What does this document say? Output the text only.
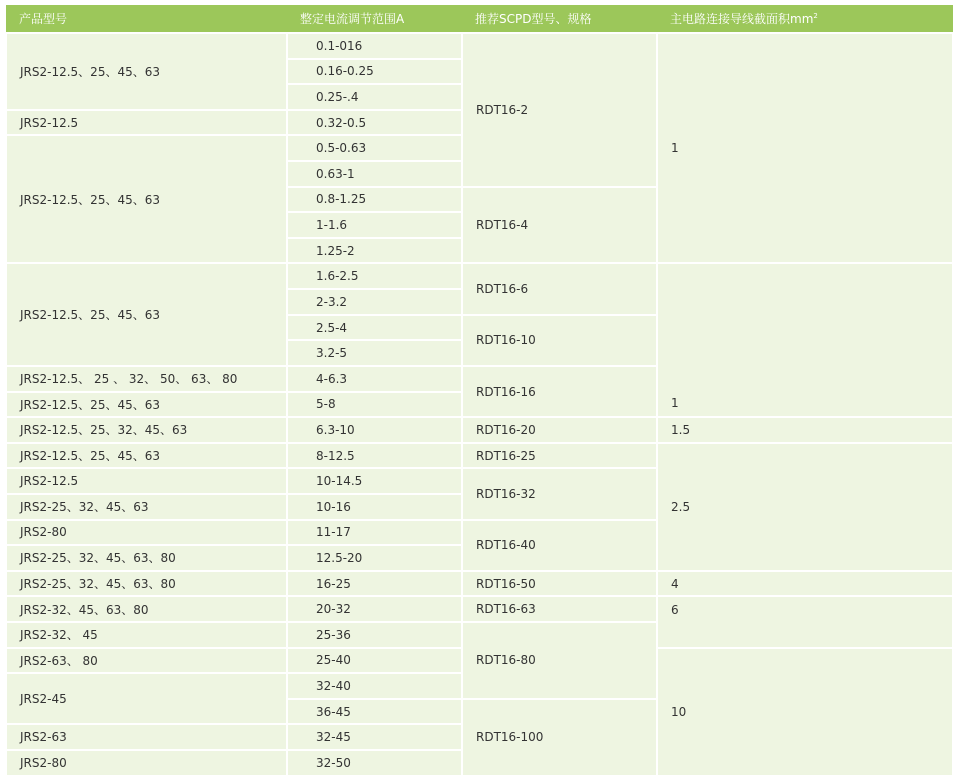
产品型号	整定电流调节范围A	推荐SCPD型号、规格	主电路连接导线截面积$mm^2$
JRS2-12.5、25、45、63	0.1-016	RDT16-2	1
	0.16-0.25		
	0.25-.4		
JRS2-12.5	0.32-0.5		
JRS2-12.5、25、45、63	0.5-0.63		
	0.63-1		
	0.8-1.25	RDT16-4	
	1-1.6		
	1.25-2		
JRS2-12.5、25、45、63	1.6-2.5	RDT16-6	1
	2-3.2		
	2.5-4	RDT16-10	
	3.2-5		
JRS2-12.5、 25 、 32、 50、 63、 80	4-6.3	RDT16-16	
JRS2-12.5、25、45、63	5-8		
JRS2-12.5、25、32、45、63	6.3-10	RDT16-20	1.5
JRS2-12.5、25、45、63	8-12.5	RDT16-25	2.5
JRS2-12.5	10-14.5	RDT16-32	
JRS2-25、32、45、63	10-16		
JRS2-80	11-17	RDT16-40	
JRS2-25、32、45、63、80	12.5-20		
JRS2-25、32、45、63、80	16-25	RDT16-50	4
JRS2-32、45、63、80	20-32	RDT16-63	6
JRS2-32、 45	25-36	RDT16-80	
JRS2-63、 80	25-40		10
JRS2-45	32-40		
	36-45	RDT16-100	
JRS2-63	32-45		
JRS2-80	32-50		
